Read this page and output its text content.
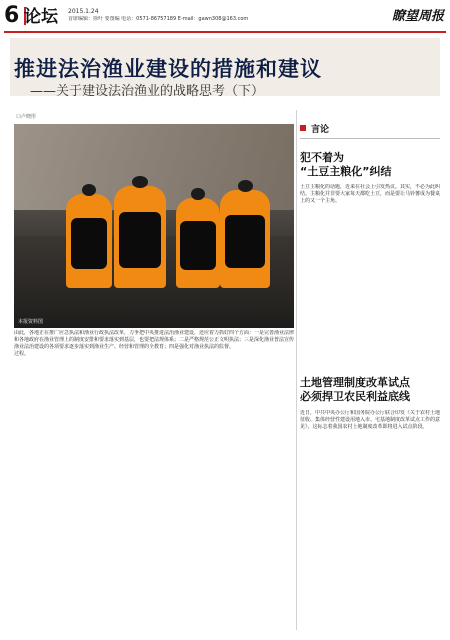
6 论坛 2015.1.24
首席编辑：徐叶 要图编 电话：0571-86757189 E-mail：gawn308@163.com	瞭望周报
推进法治渔业建设的措施和建议
——关于建设法治渔业的战略思考（下）
口卢晓彤
本报资料图

由此，各地正在推广应急执法和渔业行政执法改革，力争把中央和各地政府在渔业管理上的制度安排和要求落实到基层，也要把渔业法治建设的各项要求逐步落实到渔业生产、经营和管理的全过程。

推进法治渔业建设，还应着力抓好四个方面：一是完善渔业法律法规体系；二是严格规范公正文明执法；三是深化渔业普法宣传教育；四是强化对渔业执法的监督。

言论
犯不着为
“土豆主粮化”纠结

土豆主粮化的话题，近来在社会上引发热议。其实，不必为此纠结。主粮化并非要大家每天都吃土豆，而是要让马铃薯成为餐桌上的又一个主角。

土地管理制度改革试点
必须捍卫农民利益底线

近日，中共中央办公厅和国务院办公厅联合印发《关于农村土地征收、集体经营性建设用地入市、宅基地制度改革试点工作的意见》，这标志着我国农村土地制度改革即将进入试点阶段。
